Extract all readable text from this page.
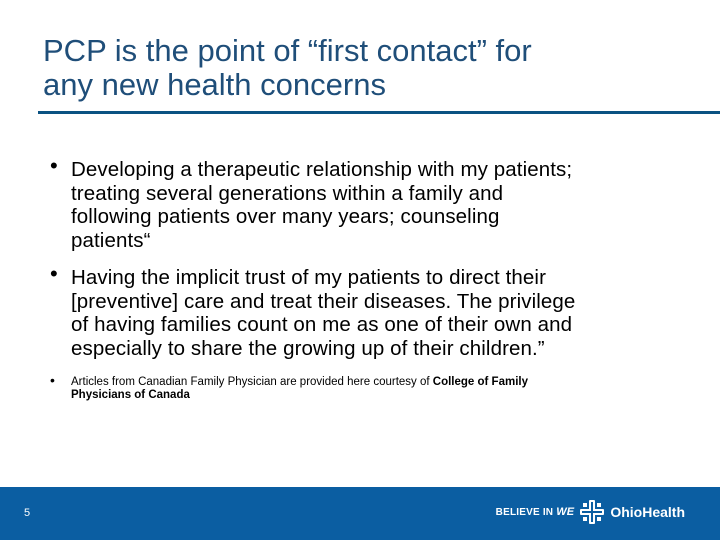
PCP is the point of “first contact” for
any new health concerns
• Developing a therapeutic relationship with my patients;
treating several generations within a family and
following patients over many years; counseling
patients“
• Having the implicit trust of my patients to direct their
[preventive] care and treat their diseases. The privilege
of having families count on me as one of their own and
especially to share the growing up of their children.”
• Articles from Canadian Family Physician are provided here courtesy of College of Family
Physicians of Canada
5	BELIEVE IN WE	OhioHealth
